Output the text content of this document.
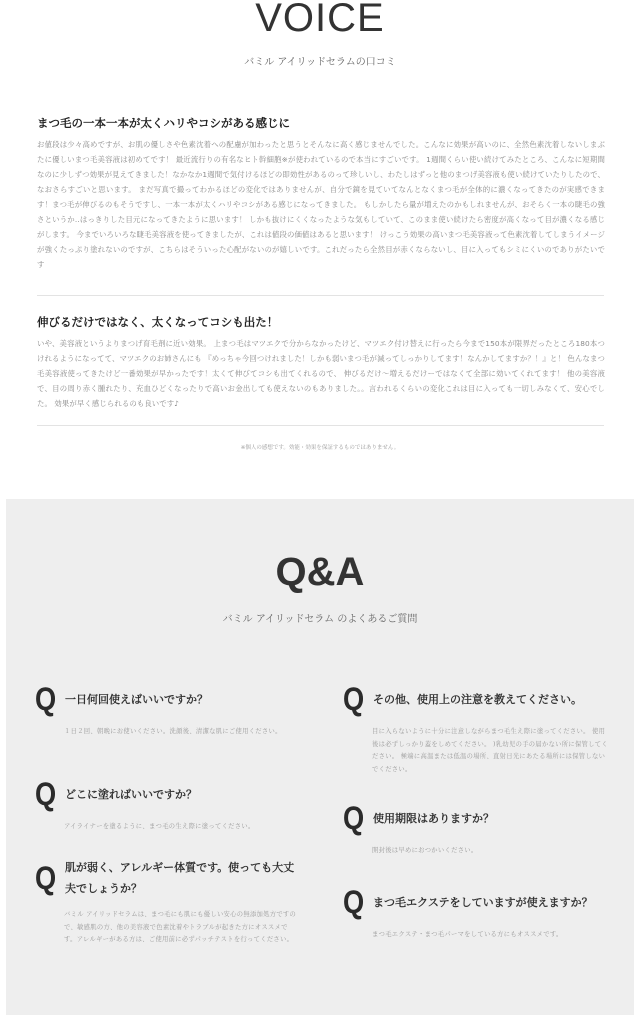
VOICE

バミル アイリッドセラムの口コミ

まつ毛の一本一本が太くハリやコシがある感じに

お値段は少々高めですが、お肌の優しさや色素沈着への配慮が加わったと思うとそんなに高く感じませんでした。こんなに効果が高いのに、全然色素沈着しないしまぶたに優しいまつ毛美容液は初めてです！ 最近流行りの有名なヒト幹細胞※が使われているので本当にすごいです。 1週間くらい使い続けてみたところ、こんなに短期間なのに少しずつ効果が見えてきました！なかなか1週間で気付けるほどの即効性があるのって珍しいし、わたしはずっと他のまつげ美容液も使い続けていたりしたので、なおさらすごいと思います。 まだ写真で撮ってわかるほどの変化ではありませんが、自分で鏡を見ていてなんとなくまつ毛が全体的に濃くなってきたのが実感できます！まつ毛が伸びるのもそうですし、一本一本が太くハリやコシがある感じになってきました。 もしかしたら量が増えたのかもしれませんが、おそらく一本の睫毛の強さというか..はっきりした目元になってきたように思います！ しかも抜けにくくなったような気もしていて、このまま使い続けたら密度が高くなって目が濃くなる感じがします。 今までいろいろな睫毛美容液を使ってきましたが、これは値段の価値はあると思います！ けっこう効果の高いまつ毛美容液って色素沈着してしまうイメージが強くたっぷり塗れないのですが、こちらはそういった心配がないのが嬉しいです。これだったら全然目が赤くならないし、目に入ってもシミにくいのでありがたいです

伸びるだけではなく、太くなってコシも出た！

いや、美容液というよりまつげ育毛剤に近い効果。 上まつ毛はマツエクで分からなかったけど、マツエク付け替えに行ったら今まで150本が限界だったところ180本つけれるようになってて、マツエクのお姉さんにも 『めっちゃ今回つけれました！しかも弱いまつ毛が減ってしっかりしてます！なんかしてますか？！』と！ 色んなまつ毛美容液使ってきたけど一番効果が早かったです！太くて伸びてコシも出てくれるので、 伸びるだけ〜増えるだけーではなくて全部に効いてくれてます！ 他の美容液で、目の周り赤く腫れたり、充血ひどくなったりで高いお金出しても使えないのもありました。。言われるくらいの変化これは目に入っても一切しみなくて、安心でした。 効果が早く感じられるのも良いです♪

※個人の感想です。効能・効果を保証するものではありません。

Q&A

バミル アイリッドセラム のよくあるご質問

Q 一日何回使えばいいですか？

１日２回、朝晩にお使いください。洗顔後、清潔な肌にご使用ください。

Q どこに塗ればいいですか？

アイライナーを塗るように、まつ毛の生え際に塗ってください。

Q 肌が弱く、アレルギー体質です。使っても大丈夫でしょうか？

バミル アイリッドセラムは、まつ毛にも肌にも優しい安心の無添加処方ですので、敏感肌の方、他の美容液で色素沈着やトラブルが起きた方にオススメです。アレルギーがある方は、ご使用前に必ずパッチテストを行ってください。

Q その他、使用上の注意を教えてください。

目に入らないように十分に注意しながらまつ毛生え際に塗ってください。 使用後は必ずしっかり蓋をしめてください。 )乳幼児の手の届かない所に保管してください。 極端に高温または低温の場所、直射日光にあたる場所には保管しないでください。

Q 使用期限はありますか？

開封後は早めにおつかいください。

Q まつ毛エクステをしていますが使えますか？

まつ毛エクステ・まつ毛パーマをしている方にもオススメです。
